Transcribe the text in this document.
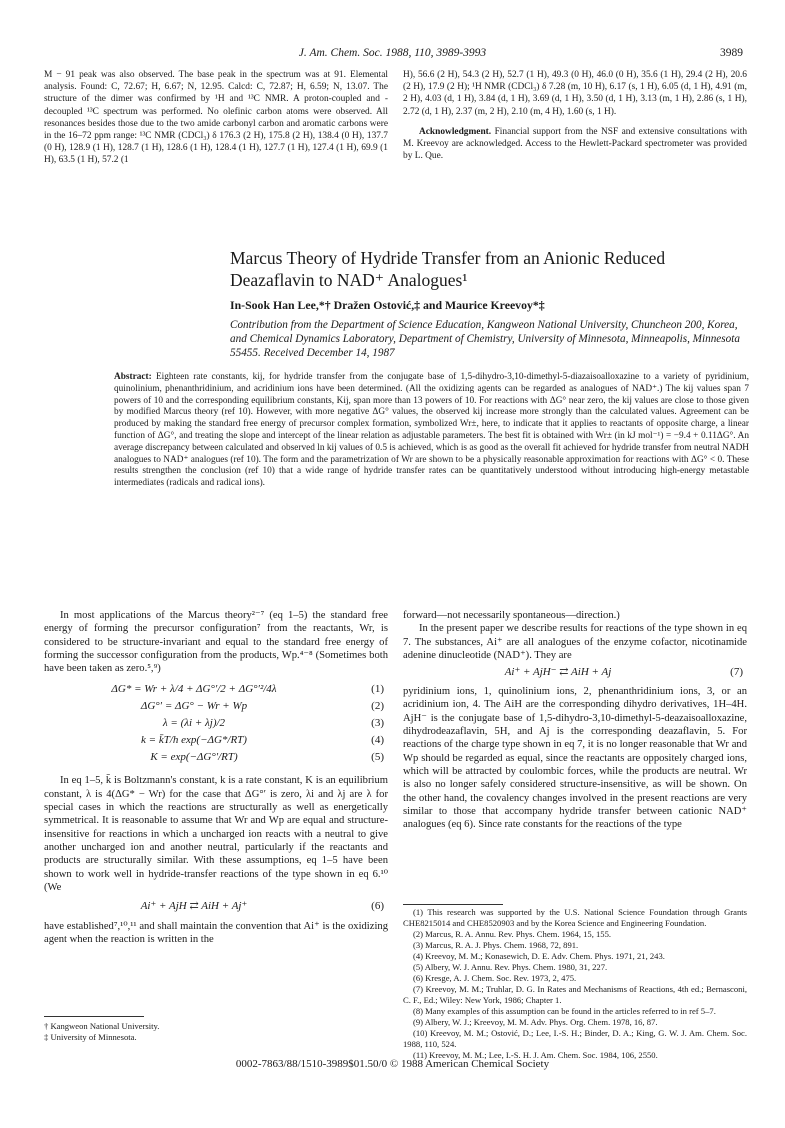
J. Am. Chem. Soc. 1988, 110, 3989-3993	3989

M − 91 peak was also observed. The base peak in the spectrum was at 91. Elemental analysis. Found: C, 72.67; H, 6.67; N, 12.95. Calcd: C, 72.87; H, 6.59; N, 13.07. The structure of the dimer was confirmed by ¹H and ¹³C NMR. A proton-coupled and -decoupled ¹³C spectrum was performed. No olefinic carbon atoms were observed. All resonances besides those due to the two amide carbonyl carbon and aromatic carbons were in the 16–72 ppm range: ¹³C NMR (CDCl₃) δ 176.3 (2 H), 175.8 (2 H), 138.4 (0 H), 137.7 (0 H), 128.9 (1 H), 128.7 (1 H), 128.6 (1 H), 128.4 (1 H), 127.7 (1 H), 127.4 (1 H), 69.9 (1 H), 63.5 (1 H), 57.2 (1

H), 56.6 (2 H), 54.3 (2 H), 52.7 (1 H), 49.3 (0 H), 46.0 (0 H), 35.6 (1 H), 29.4 (2 H), 20.6 (2 H), 17.9 (2 H); ¹H NMR (CDCl₃) δ 7.28 (m, 10 H), 6.17 (s, 1 H), 6.05 (d, 1 H), 4.91 (m, 2 H), 4.03 (d, 1 H), 3.84 (d, 1 H), 3.69 (d, 1 H), 3.50 (d, 1 H), 3.13 (m, 1 H), 2.86 (s, 1 H), 2.72 (d, 1 H), 2.37 (m, 2 H), 2.10 (m, 4 H), 1.60 (s, 1 H).

Acknowledgment. Financial support from the NSF and extensive consultations with M. Kreevoy are acknowledged. Access to the Hewlett-Packard spectrometer was provided by L. Que.

Marcus Theory of Hydride Transfer from an Anionic Reduced Deazaflavin to NAD⁺ Analogues¹
In-Sook Han Lee,*† Dražen Ostović,‡ and Maurice Kreevoy*‡
Contribution from the Department of Science Education, Kangweon National University, Chuncheon 200, Korea, and Chemical Dynamics Laboratory, Department of Chemistry, University of Minnesota, Minneapolis, Minnesota 55455. Received December 14, 1987
Abstract: Eighteen rate constants, kij, for hydride transfer from the conjugate base of 1,5-dihydro-3,10-dimethyl-5-diazaisoalloxazine to a variety of pyridinium, quinolinium, phenanthridinium, and acridinium ions have been determined. (All the oxidizing agents can be regarded as analogues of NAD⁺.) The kij values span 7 powers of 10 and the corresponding equilibrium constants, Kij, span more than 13 powers of 10. For reactions with ΔG° near zero, the kij values are close to those given by modified Marcus theory (ref 10). However, with more negative ΔG° values, the observed kij increase more strongly than the calculated values. Agreement can be produced by making the standard free energy of precursor complex formation, symbolized Wr±, here, to indicate that it applies to reactants of opposite charge, a linear function of ΔG°, and treating the slope and intercept of the linear relation as adjustable parameters. The best fit is obtained with Wr± (in kJ mol⁻¹) = −9.4 + 0.11ΔG°. An average discrepancy between calculated and observed ln kij values of 0.5 is achieved, which is as good as the overall fit achieved for hydride transfer from neutral NADH analogues to NAD⁺ analogues (ref 10). The form and the parametrization of Wr are shown to be a physically reasonable approximation for reactions with ΔG° < 0. These results strengthen the conclusion (ref 10) that a wide range of hydride transfer rates can be quantitatively understood without introducing high-energy metastable intermediates (radicals and radical ions).

In most applications of the Marcus theory²⁻⁷ (eq 1–5) the standard free energy of forming the precursor configuration⁷ from the reactants, Wr, is considered to be structure-invariant and equal to the standard free energy of forming the successor configuration from the products, Wp.⁴⁻⁸ (Sometimes both have been taken as zero.⁵,⁹)

ΔG* = Wr + λ/4 + ΔG°′/2 + ΔG°′²/4λ	(1)
ΔG°′ = ΔG° − Wr + Wp	(2)
λ = (λi + λj)/2	(3)
k = k̄T/h exp(−ΔG*/RT)	(4)
K = exp(−ΔG°′/RT)	(5)

In eq 1–5, k̄ is Boltzmann's constant, k is a rate constant, K is an equilibrium constant, λ is 4(ΔG* − Wr) for the case that ΔG°′ is zero, λi and λj are λ for special cases in which the reactions are structurally as well as energetically symmetrical. It is reasonable to assume that Wr and Wp are equal and structure-insensitive for reactions in which a uncharged ion reacts with a neutral to give another uncharged ion and another neutral, particularly if the reactants and products are structurally similar. With these assumptions, eq 1–5 have been shown to work well in hydride-transfer reactions of the type shown in eq 6.¹⁰ (We

Ai⁺ + AjH ⇄ AiH + Aj⁺	(6)

have established⁷,¹⁰,¹¹ and shall maintain the convention that Ai⁺ is the oxidizing agent when the reaction is written in the

† Kangweon National University.
‡ University of Minnesota.

forward—not necessarily spontaneous—direction.)

In the present paper we describe results for reactions of the type shown in eq 7. The substances, Ai⁺ are all analogues of the enzyme cofactor, nicotinamide adenine dinucleotide (NAD⁺). They are

Ai⁺ + AjH⁻ ⇄ AiH + Aj	(7)

pyridinium ions, 1, quinolinium ions, 2, phenanthridinium ions, 3, or an acridinium ion, 4. The AiH are the corresponding dihydro derivatives, 1H–4H. AjH⁻ is the conjugate base of 1,5-dihydro-3,10-dimethyl-5-deazaisoalloxazine, dihydrodeazaflavin, 5H, and Aj is the corresponding deazaflavin, 5. For reactions of the charge type shown in eq 7, it is no longer reasonable that Wr and Wp should be regarded as equal, since the reactants are oppositely charged ions, which will be attracted by coulombic forces, while the products are neutral. Wr is also no longer safely considered structure-insensitive, as will be shown. On the other hand, the covalency changes involved in the present reactions are very similar to those that accompany hydride transfer between cationic NAD⁺ analogues (eq 6). Since rate constants for the reactions of the type

(1) This research was supported by the U.S. National Science Foundation through Grants CHE8215014 and CHE8520903 and by the Korea Science and Engineering Foundation.
(2) Marcus, R. A. Annu. Rev. Phys. Chem. 1964, 15, 155.
(3) Marcus, R. A. J. Phys. Chem. 1968, 72, 891.
(4) Kreevoy, M. M.; Konasewich, D. E. Adv. Chem. Phys. 1971, 21, 243.
(5) Albery, W. J. Annu. Rev. Phys. Chem. 1980, 31, 227.
(6) Kresge, A. J. Chem. Soc. Rev. 1973, 2, 475.
(7) Kreevoy, M. M.; Truhlar, D. G. In Rates and Mechanisms of Reactions, 4th ed.; Bernasconi, C. F., Ed.; Wiley: New York, 1986; Chapter 1.
(8) Many examples of this assumption can be found in the articles referred to in ref 5–7.
(9) Albery, W. J.; Kreevoy, M. M. Adv. Phys. Org. Chem. 1978, 16, 87.
(10) Kreevoy, M. M.; Ostović, D.; Lee, I.-S. H.; Binder, D. A.; King, G. W. J. Am. Chem. Soc. 1988, 110, 524.
(11) Kreevoy, M. M.; Lee, I.-S. H. J. Am. Chem. Soc. 1984, 106, 2550.
0002-7863/88/1510-3989$01.50/0 © 1988 American Chemical Society
